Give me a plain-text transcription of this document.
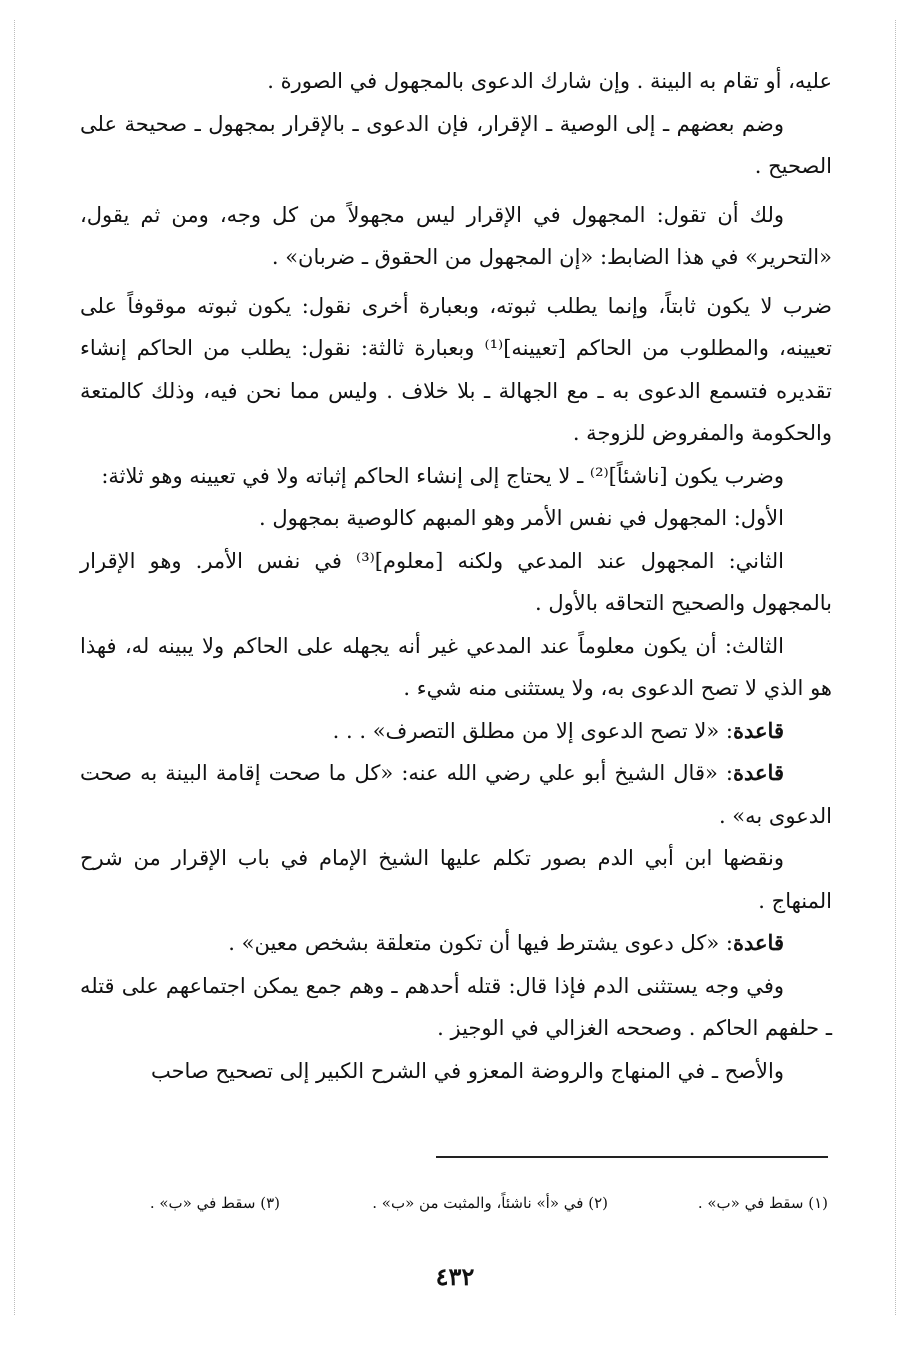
عليه، أو تقام به البينة . وإن شارك الدعوى بالمجهول في الصورة .

وضم بعضهم ـ إلى الوصية ـ الإقرار، فإن الدعوى ـ بالإقرار بمجهول ـ صحيحة على الصحيح .

ولك أن تقول: المجهول في الإقرار ليس مجهولاً من كل وجه، ومن ثم يقول، «التحرير» في هذا الضابط: «إن المجهول من الحقوق ـ ضربان» .

ضرب لا يكون ثابتاً، وإنما يطلب ثبوته، وبعبارة أخرى نقول: يكون ثبوته موقوفاً على تعيينه، والمطلوب من الحاكم [تعيينه]⁽¹⁾ وبعبارة ثالثة: نقول: يطلب من الحاكم إنشاء تقديره فتسمع الدعوى به ـ مع الجهالة ـ بلا خلاف . وليس مما نحن فيه، وذلك كالمتعة والحكومة والمفروض للزوجة .

وضرب يكون [ناشئاً]⁽²⁾ ـ لا يحتاج إلى إنشاء الحاكم إثباته ولا في تعيينه وهو ثلاثة:

الأول: المجهول في نفس الأمر وهو المبهم كالوصية بمجهول .

الثاني: المجهول عند المدعي ولكنه [معلوم]⁽³⁾ في نفس الأمر. وهو الإقرار بالمجهول والصحيح التحاقه بالأول .

الثالث: أن يكون معلوماً عند المدعي غير أنه يجهله على الحاكم ولا يبينه له، فهذا هو الذي لا تصح الدعوى به، ولا يستثنى منه شيء .

قاعدة: «لا تصح الدعوى إلا من مطلق التصرف» . . .

قاعدة: «قال الشيخ أبو علي رضي الله عنه: «كل ما صحت إقامة البينة به صحت الدعوى به» .

ونقضها ابن أبي الدم بصور تكلم عليها الشيخ الإمام في باب الإقرار من شرح المنهاج .

قاعدة: «كل دعوى يشترط فيها أن تكون متعلقة بشخص معين» .

وفي وجه يستثنى الدم فإذا قال: قتله أحدهم ـ وهم جمع يمكن اجتماعهم على قتله ـ حلفهم الحاكم . وصححه الغزالي في الوجيز .

والأصح ـ في المنهاج والروضة المعزو في الشرح الكبير إلى تصحيح صاحب

(١) سقط في «ب» .
(٢) في «أ» ناشئاً، والمثبت من «ب» .
(٣) سقط في «ب» .
٤٣٢
